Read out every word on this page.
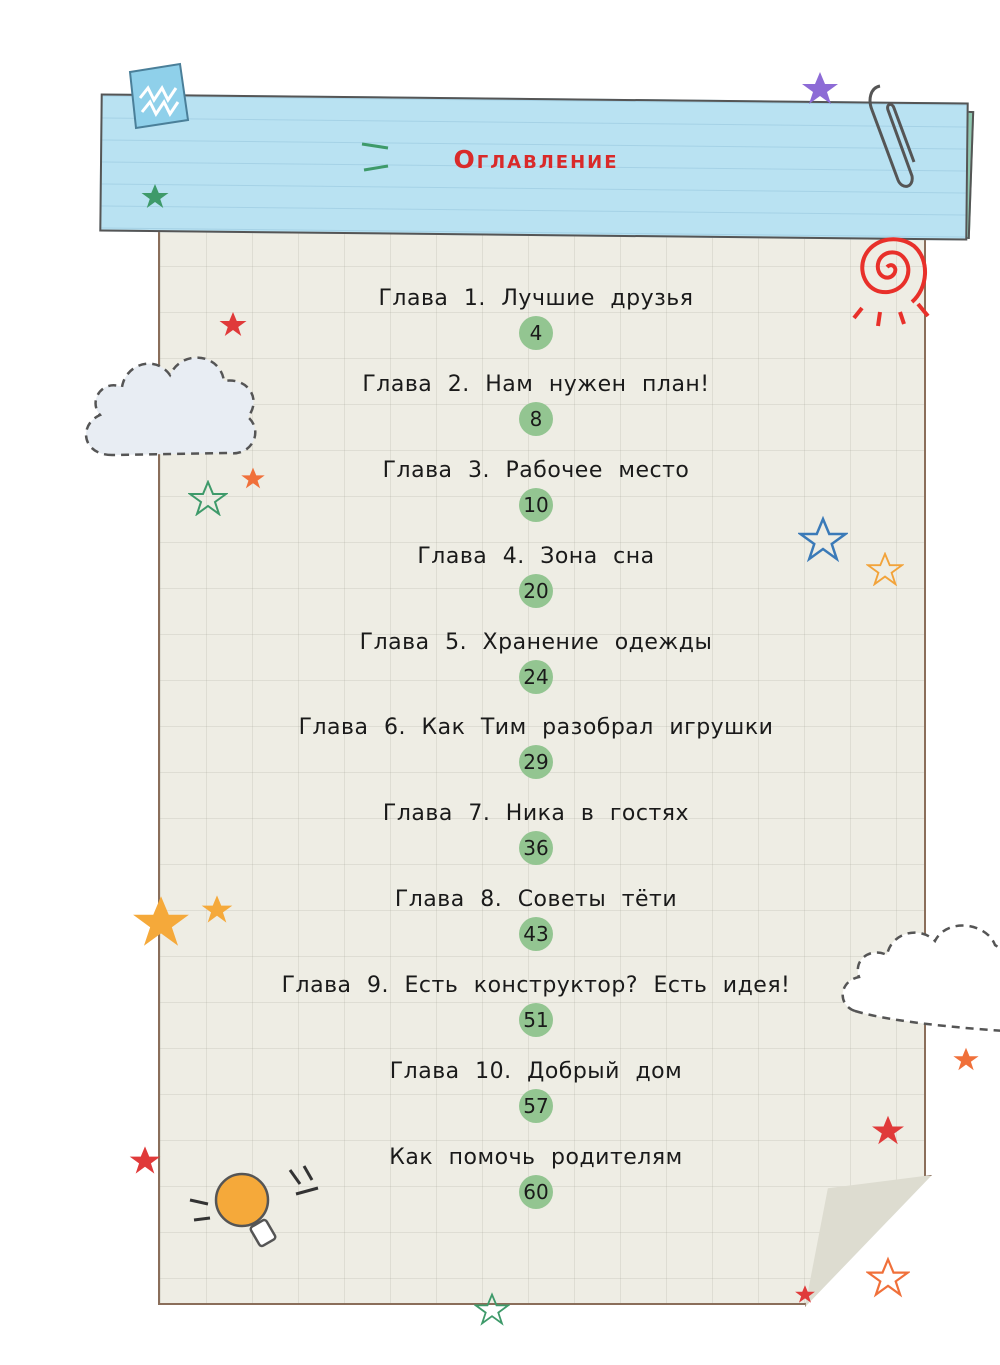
Оглавление
Глава 1. Лучшие друзья
4
Глава 2. Нам нужен план!
8
Глава 3. Рабочее место
10
Глава 4. Зона сна
20
Глава 5. Хранение одежды
24
Глава 6. Как Тим разобрал игрушки
29
Глава 7. Ника в гостях
36
Глава 8. Советы тёти
43
Глава 9. Есть конструктор? Есть идея!
51
Глава 10. Добрый дом
57
Как помочь родителям
60
